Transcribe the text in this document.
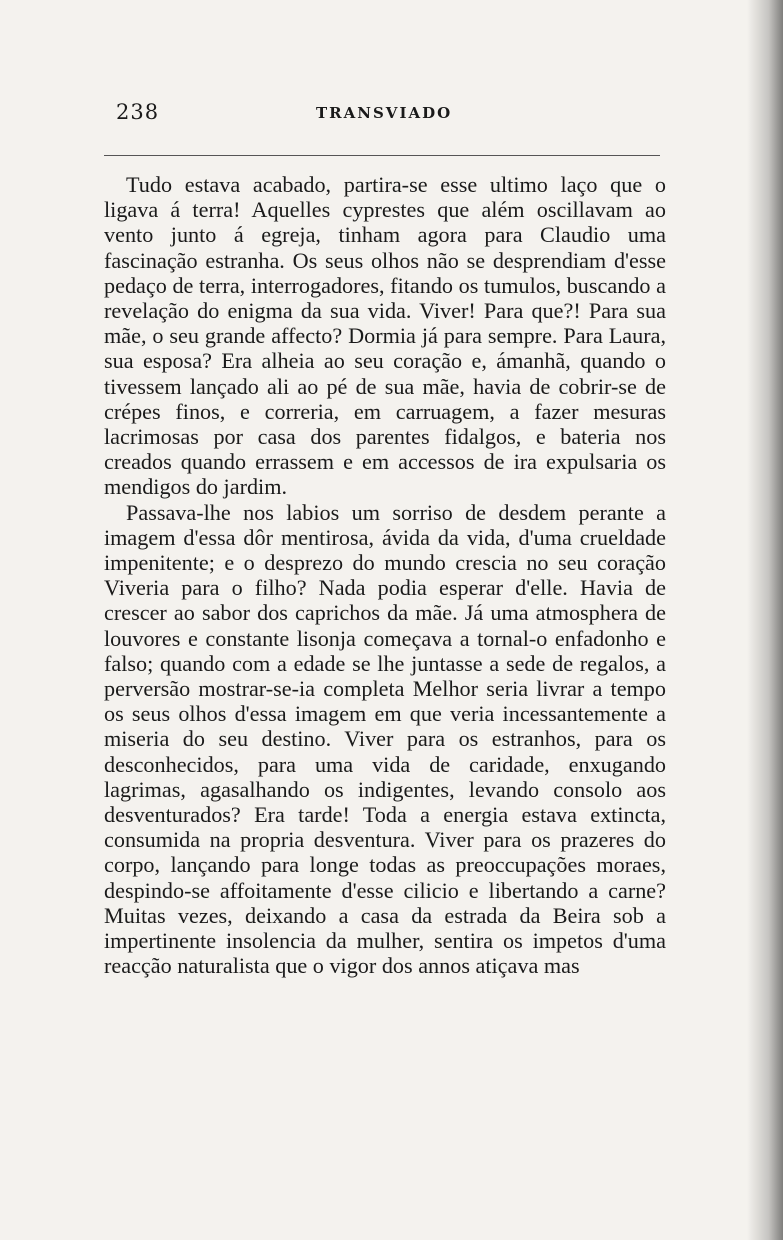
238	TRANSVIADO

Tudo estava acabado, partira-se esse ultimo laço que o ligava á terra! Aquelles cyprestes que além oscillavam ao vento junto á egreja, tinham agora para Claudio uma fascinação estranha. Os seus olhos não se desprendiam d'esse pedaço de terra, interrogadores, fitando os tumulos, buscando a revelação do enigma da sua vida. Viver! Para que?! Para sua mãe, o seu grande affecto? Dormia já para sempre. Para Laura, sua esposa? Era alheia ao seu coração e, ámanhã, quando o tivessem lançado ali ao pé de sua mãe, havia de cobrir-se de crépes finos, e correria, em carruagem, a fazer mesuras lacrimosas por casa dos parentes fidalgos, e bateria nos creados quando errassem e em accessos de ira expulsaria os mendigos do jardim.

Passava-lhe nos labios um sorriso de desdem perante a imagem d'essa dôr mentirosa, ávida da vida, d'uma crueldade impenitente; e o desprezo do mundo crescia no seu coração Viveria para o filho? Nada podia esperar d'elle. Havia de crescer ao sabor dos caprichos da mãe. Já uma atmosphera de louvores e constante lisonja começava a tornal-o enfadonho e falso; quando com a edade se lhe juntasse a sede de regalos, a perversão mostrar-se-ia completa Melhor seria livrar a tempo os seus olhos d'essa imagem em que veria incessantemente a miseria do seu destino. Viver para os estranhos, para os desconhecidos, para uma vida de caridade, enxugando lagrimas, agasalhando os indigentes, levando consolo aos desventurados? Era tarde! Toda a energia estava extincta, consumida na propria desventura. Viver para os prazeres do corpo, lançando para longe todas as preoccupações moraes, despindo-se affoitamente d'esse cilicio e libertando a carne? Muitas vezes, deixando a casa da estrada da Beira sob a impertinente insolencia da mulher, sentira os impetos d'uma reacção naturalista que o vigor dos annos atiçava mas
